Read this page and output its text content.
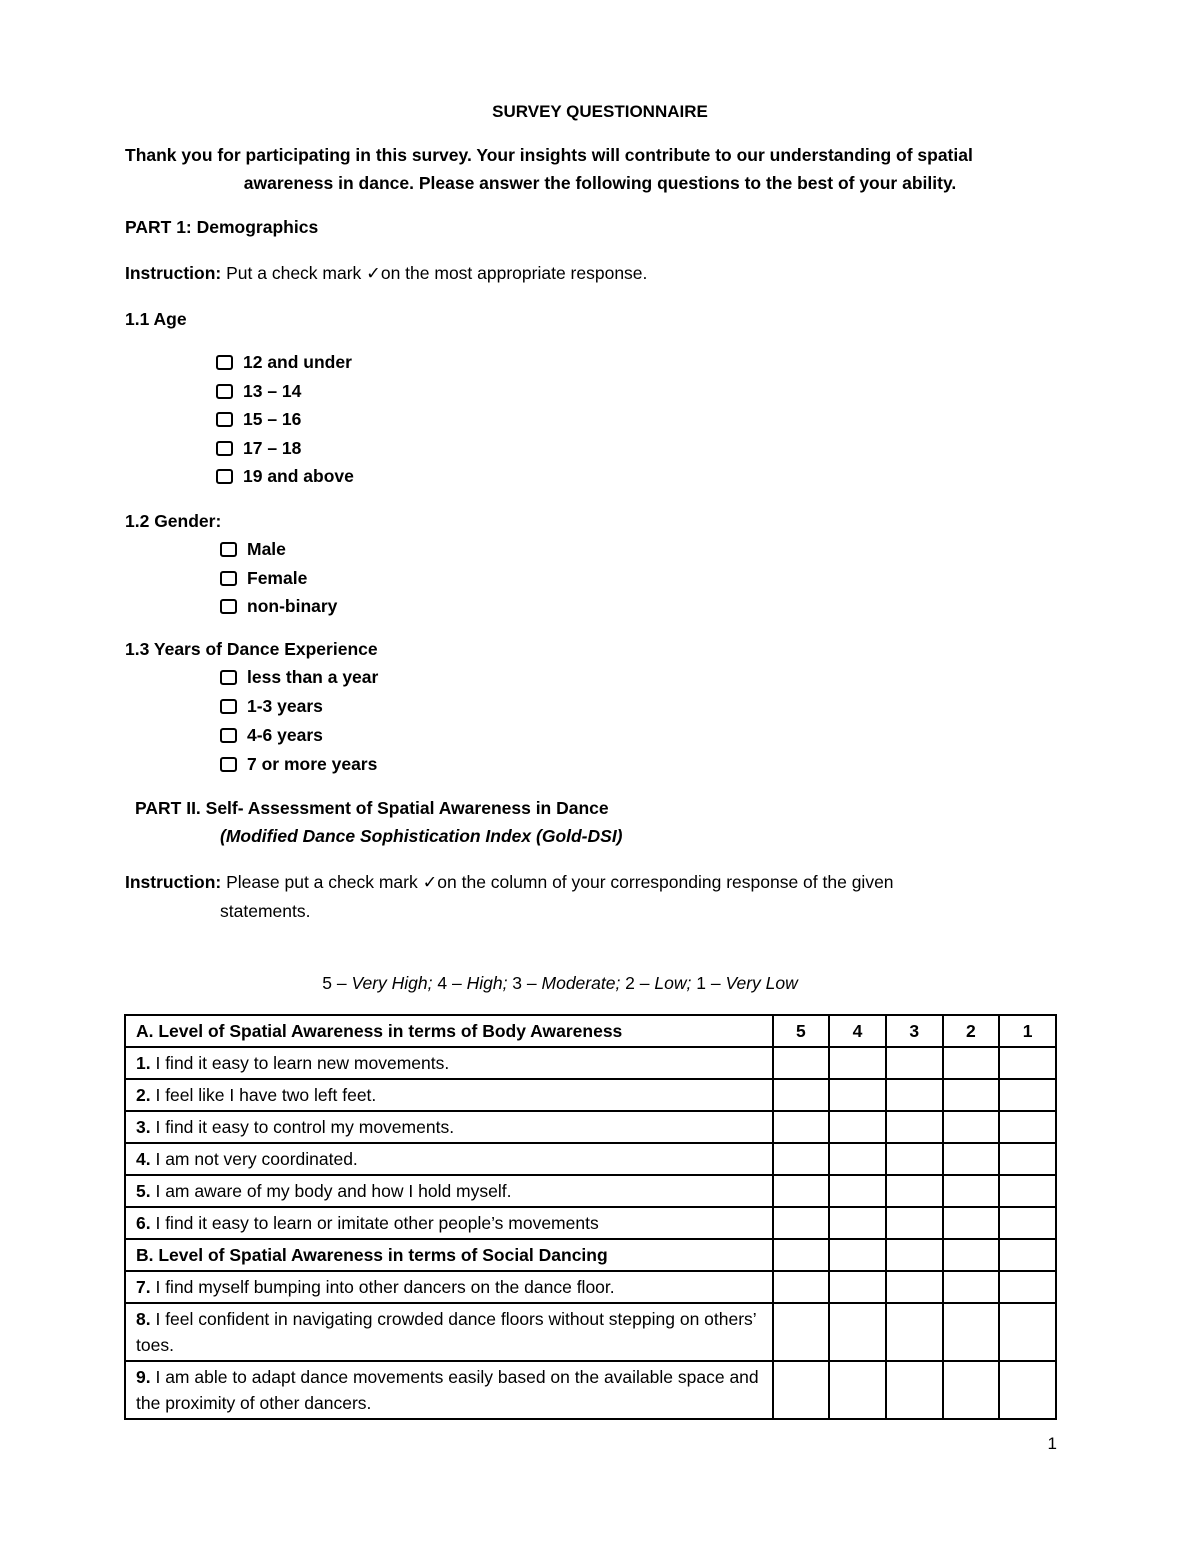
SURVEY QUESTIONNAIRE
Thank you for participating in this survey. Your insights will contribute to our understanding of spatial
awareness in dance. Please answer the following questions to the best of your ability.
PART 1: Demographics
Instruction: Put a check mark ✓on the most appropriate response.
1.1 Age
12 and under
13 – 14
15 – 16
17 – 18
19 and above
1.2 Gender:
Male
Female
non-binary
1.3 Years of Dance Experience
less than a year
1-3 years
4-6 years
7 or more years
PART II. Self- Assessment of Spatial Awareness in Dance
(Modified Dance Sophistication Index (Gold-DSI)
Instruction: Please put a check mark ✓on the column of your corresponding response of the given
statements.
5 – Very High; 4 – High; 3 – Moderate; 2 – Low; 1 – Very Low
A. Level of Spatial Awareness in terms of Body Awareness	5	4	3	2	1
1. I find it easy to learn new movements.					
2. I feel like I have two left feet.					
3. I find it easy to control my movements.					
4. I am not very coordinated.					
5. I am aware of my body and how I hold myself.					
6. I find it easy to learn or imitate other people’s movements					
B. Level of Spatial Awareness in terms of Social Dancing					
7. I find myself bumping into other dancers on the dance floor.					
8. I feel confident in navigating crowded dance floors without stepping on others’ toes.					
9. I am able to adapt dance movements easily based on the available space and the proximity of other dancers.					
1
